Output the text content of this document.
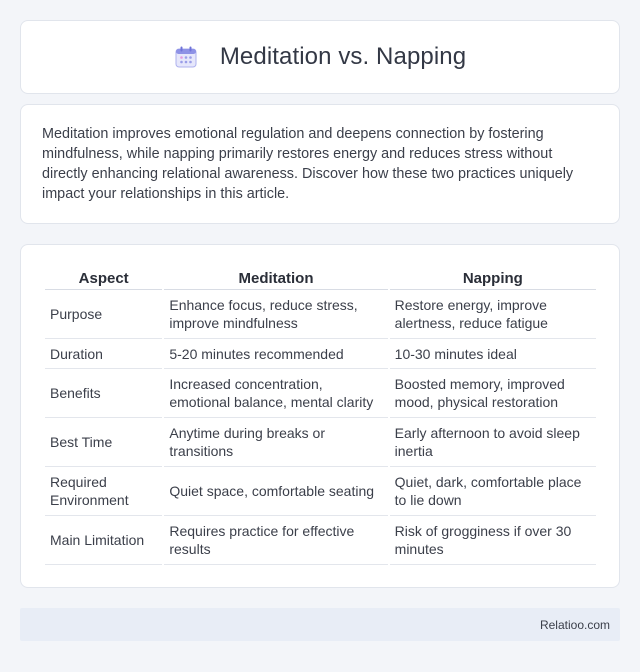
Meditation vs. Napping

Meditation improves emotional regulation and deepens connection by fostering mindfulness, while napping primarily restores energy and reduces stress without directly enhancing relational awareness. Discover how these two practices uniquely impact your relationships in this article.

Aspect	Meditation	Napping
Purpose	Enhance focus, reduce stress, improve mindfulness	Restore energy, improve alertness, reduce fatigue
Duration	5-20 minutes recommended	10-30 minutes ideal
Benefits	Increased concentration, emotional balance, mental clarity	Boosted memory, improved mood, physical restoration
Best Time	Anytime during breaks or transitions	Early afternoon to avoid sleep inertia
Required Environment	Quiet space, comfortable seating	Quiet, dark, comfortable place to lie down
Main Limitation	Requires practice for effective results	Risk of grogginess if over 30 minutes
Relatioo.com
